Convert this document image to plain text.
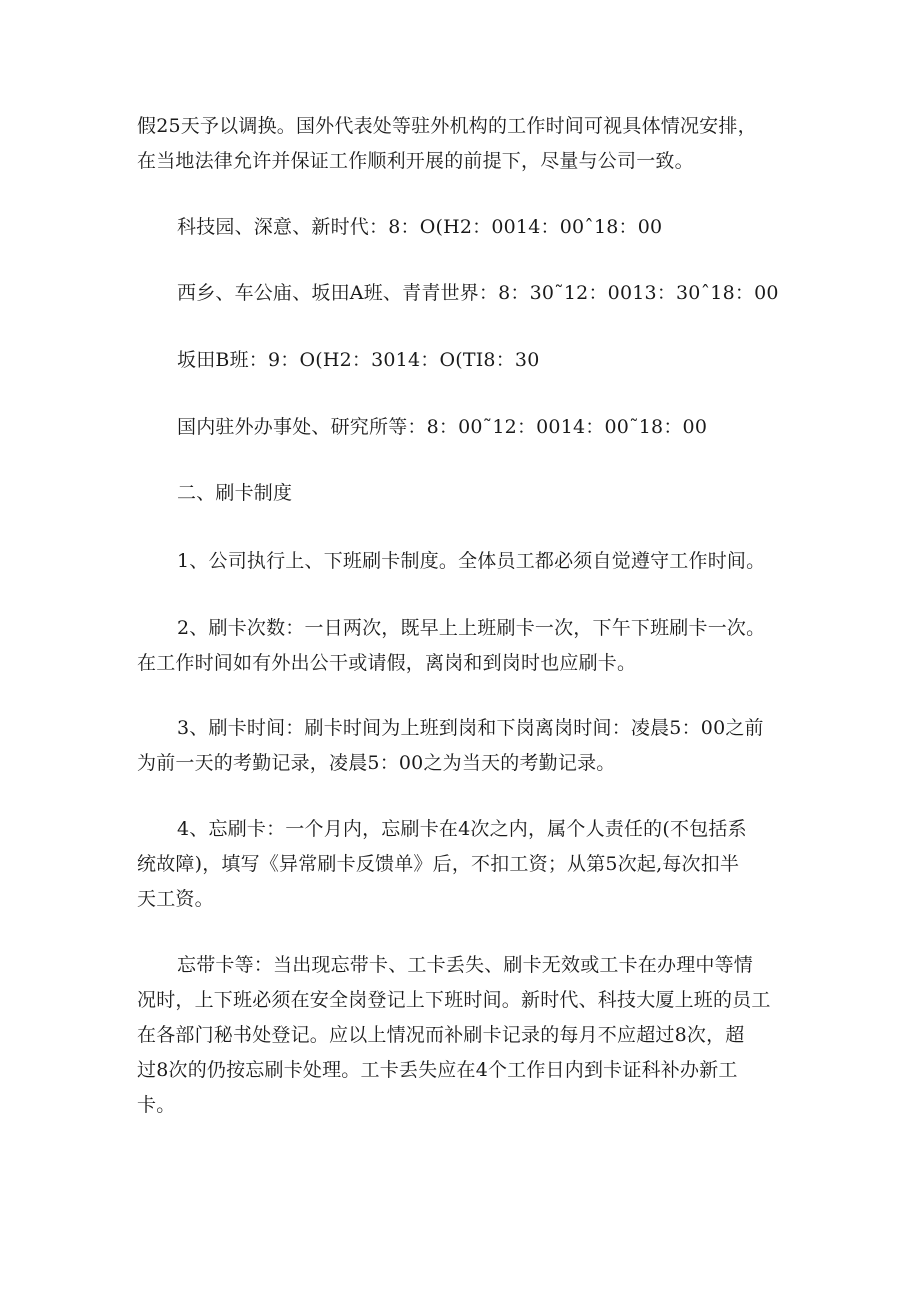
假25天予以调换。国外代表处等驻外机构的工作时间可视具体情况安排，
在当地法律允许并保证工作顺利开展的前提下，尽量与公司一致。

科技园、深意、新时代：8：O(H2：0014：00ˆ18：00

西乡、车公庙、坂田A班、青青世界：8：30˜12：0013：30ˆ18：00

坂田B班：9：O(H2：3014：O(TI8：30

国内驻外办事处、研究所等：8：00˜12：0014：00˜18：00

二、刷卡制度

1、公司执行上、下班刷卡制度。全体员工都必须自觉遵守工作时间。

2、刷卡次数：一日两次，既早上上班刷卡一次，下午下班刷卡一次。
在工作时间如有外出公干或请假，离岗和到岗时也应刷卡。

3、刷卡时间：刷卡时间为上班到岗和下岗离岗时间：凌晨5：00之前
为前一天的考勤记录，凌晨5：00之为当天的考勤记录。

4、忘刷卡：一个月内，忘刷卡在4次之内，属个人责任的(不包括系
统故障)，填写《异常刷卡反馈单》后，不扣工资；从第5次起,每次扣半
天工资。

忘带卡等：当出现忘带卡、工卡丢失、刷卡无效或工卡在办理中等情
况时，上下班必须在安全岗登记上下班时间。新时代、科技大厦上班的员工
在各部门秘书处登记。应以上情况而补刷卡记录的每月不应超过8次，超
过8次的仍按忘刷卡处理。工卡丢失应在4个工作日内到卡证科补办新工
卡。
